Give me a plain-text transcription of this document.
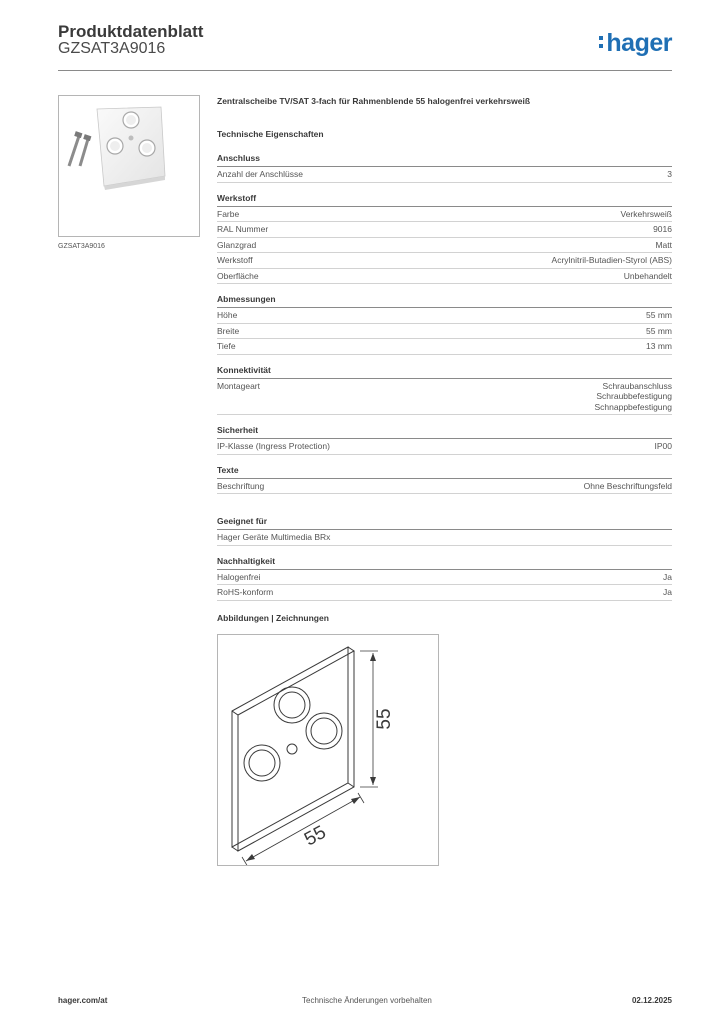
Produktdatenblatt
GZSAT3A9016	hager
GZSAT3A9016
Zentralscheibe TV/SAT 3-fach für Rahmenblende 55 halogenfrei verkehrsweiß
Technische Eigenschaften
Anschluss
Anzahl der Anschlüsse	3
Werkstoff
Farbe	Verkehrsweiß
RAL Nummer	9016
Glanzgrad	Matt
Werkstoff	Acrylnitril-Butadien-Styrol (ABS)
Oberfläche	Unbehandelt
Abmessungen
Höhe	55 mm
Breite	55 mm
Tiefe	13 mm
Konnektivität
Montageart	Schraubanschluss
Schraubbefestigung
Schnappbefestigung
Sicherheit
IP-Klasse (Ingress Protection)	IP00
Texte
Beschriftung	Ohne Beschriftungsfeld
Geeignet für
Hager Geräte Multimedia BRx
Nachhaltigkeit
Halogenfrei	Ja
RoHS-konform	Ja
Abbildungen | Zeichnungen
55
55
hager.com/at	Technische Änderungen vorbehalten	02.12.2025
